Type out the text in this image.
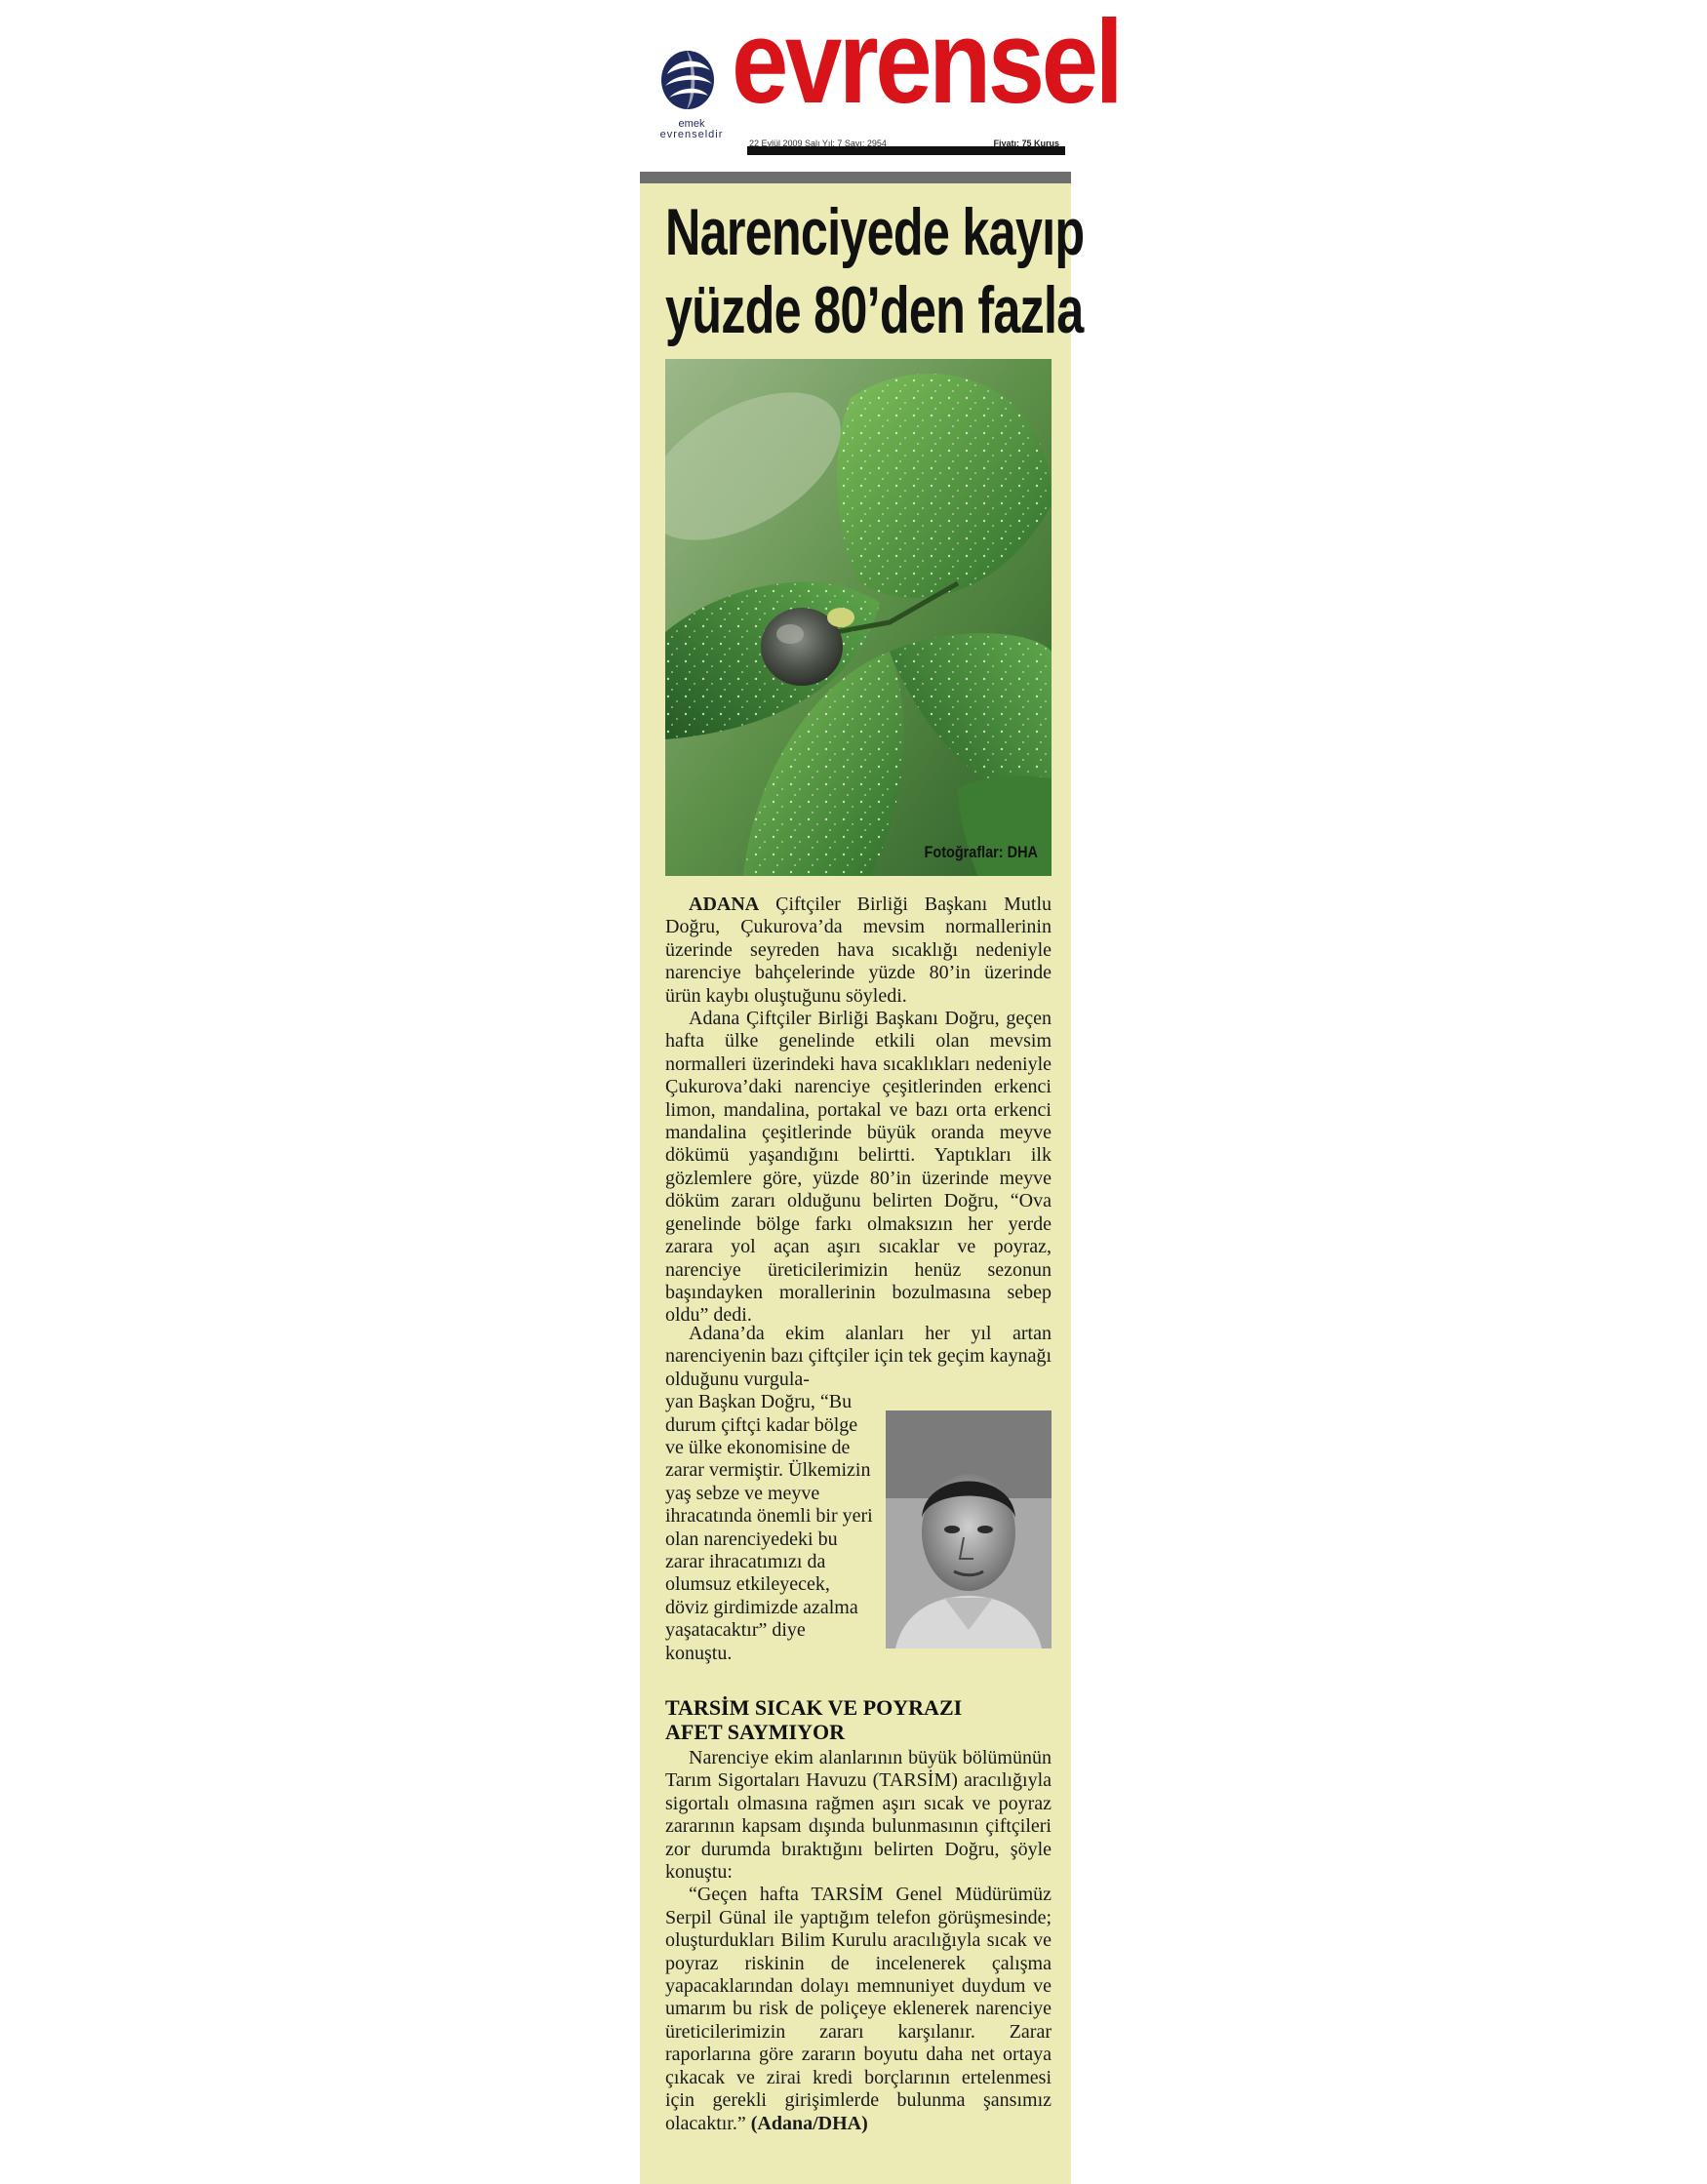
emek
evrenseldir
evrensel
22 Eylül 2009 Salı Yıl: 7 Sayı: 2954	Fiyatı: 75 Kuruş
Narenciyede kayıp
yüzde 80’den fazla
Fotoğraflar: DHA

ADANA Çiftçiler Birliği Başkanı Mutlu Doğru, Çukurova’da mevsim normallerinin üzerinde seyreden hava sıcaklığı nedeniyle narenciye bahçelerinde yüzde 80’in üzerinde ürün kaybı oluştuğunu söyledi.

Adana Çiftçiler Birliği Başkanı Doğru, geçen hafta ülke genelinde etkili olan mevsim normalleri üzerindeki hava sıcaklıkları nedeniyle Çukurova’daki narenciye çeşitlerinden erkenci limon, mandalina, portakal ve bazı orta erkenci mandalina çeşitlerinde büyük oranda meyve dökümü yaşandığını belirtti. Yaptıkları ilk gözlemlere göre, yüzde 80’in üzerinde meyve döküm zararı olduğunu belirten Doğru, “Ova genelinde bölge farkı olmaksızın her yerde zarara yol açan aşırı sıcaklar ve poyraz, narenciye üreticilerimizin henüz sezonun başındayken morallerinin bozulmasına sebep oldu” dedi.

Adana’da ekim alanları her yıl artan narenciyenin bazı çiftçiler için tek geçim kaynağı olduğunu vurgula-

yan Başkan Doğru, “Bu durum çiftçi kadar bölge ve ülke ekonomisine de zarar vermiştir. Ülkemizin yaş sebze ve meyve ihracatında önemli bir yeri olan narenciyedeki bu zarar ihracatımızı da olumsuz etkileyecek, döviz girdimizde azalma yaşatacaktır” diye konuştu.

TARSİM SICAK VE POYRAZI
AFET SAYMIYOR

Narenciye ekim alanlarının büyük bölümünün Tarım Sigortaları Havuzu (TARSİM) aracılığıyla sigortalı olmasına rağmen aşırı sıcak ve poyraz zararının kapsam dışında bulunmasının çiftçileri zor durumda bıraktığını belirten Doğru, şöyle konuştu:

“Geçen hafta TARSİM Genel Müdürümüz Serpil Günal ile yaptığım telefon görüşmesinde; oluşturdukları Bilim Kurulu aracılığıyla sıcak ve poyraz riskinin de incelenerek çalışma yapacaklarından dolayı memnuniyet duydum ve umarım bu risk de poliçeye eklenerek narenciye üreticilerimizin zararı karşılanır. Zarar raporlarına göre zararın boyutu daha net ortaya çıkacak ve zirai kredi borçlarının ertelenmesi için gerekli girişimlerde bulunma şansımız olacaktır.” (Adana/DHA)
